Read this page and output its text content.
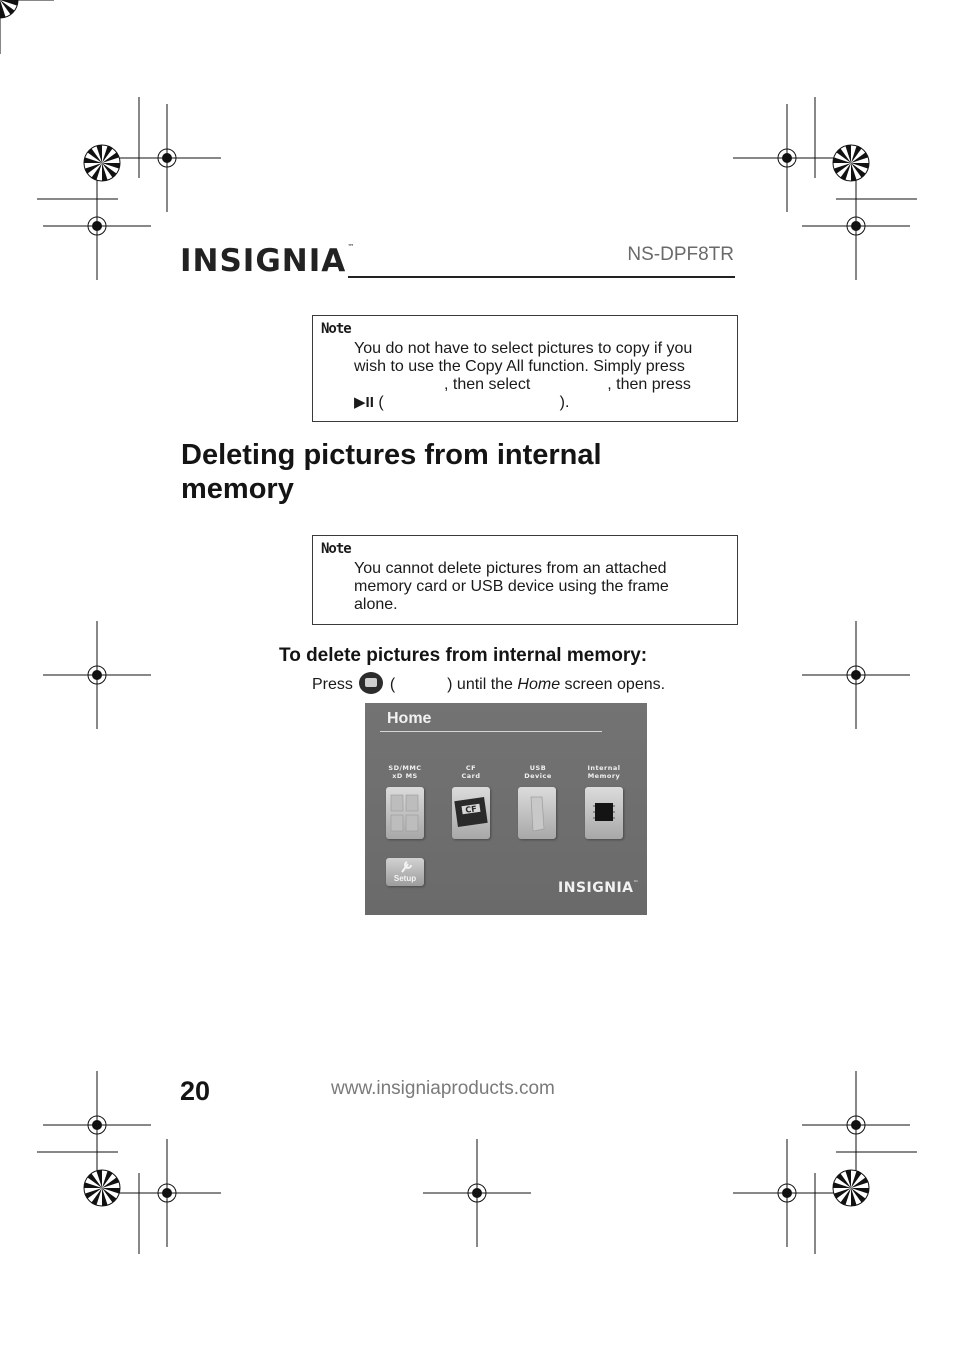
INSIGNIA™	NS-DPF8TR
Note
You do not have to select pictures to copy if you
wish to use the Copy All function. Simply press
, then select	, then press
▶II (	).
Deleting pictures from internal
memory
Note
You cannot delete pictures from an attached
memory card or USB device using the frame
alone.
To delete pictures from internal memory:
Press (	) until the Home screen opens.
Home
SD/MMC
xD MS
CF
Card
USB
Device
Internal
Memory
CF
Setup
INSIGNIA™
20	www.insigniaproducts.com
